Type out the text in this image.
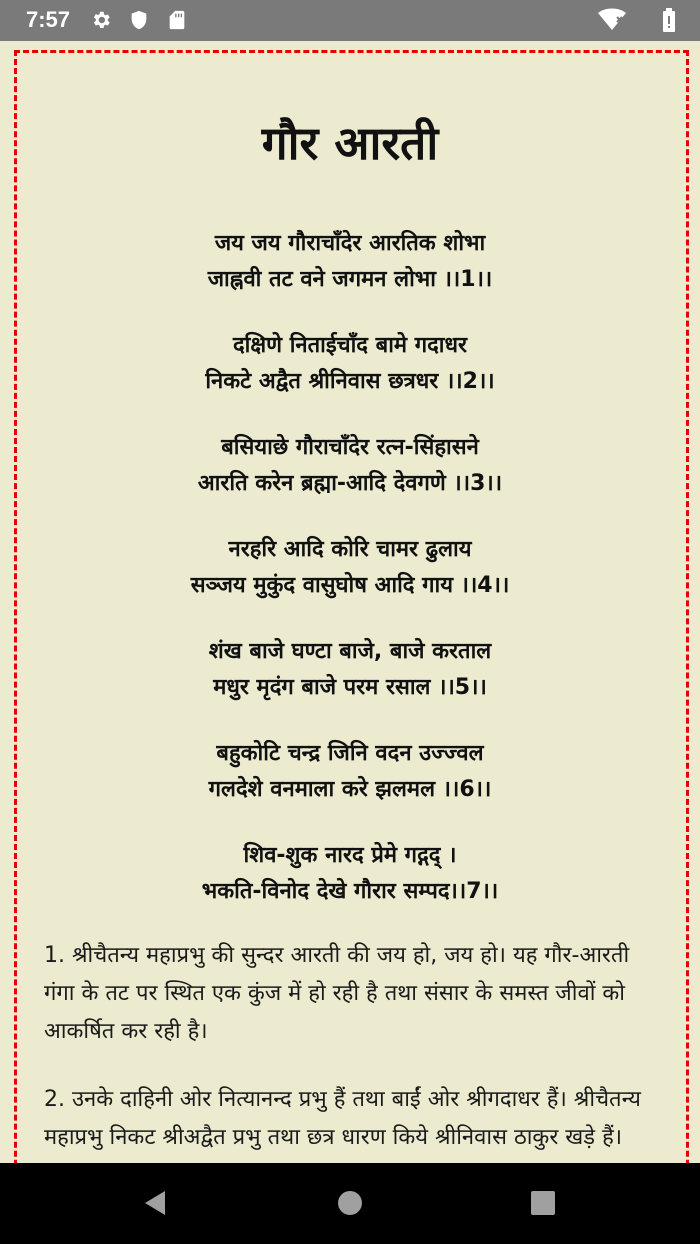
7:57
गौर आरती
जय जय गौराचाँदेर आरतिक शोभा
जाह्नवी तट वने जगमन लोभा ।।1।।
दक्षिणे निताईचाँद बामे गदाधर
निकटे अद्वैत श्रीनिवास छत्रधर ।।2।।
बसियाछे गौराचाँदेर रत्न-सिंहासने
आरति करेन ब्रह्मा-आदि देवगणे ।।3।।
नरहरि आदि कोरि चामर ढुलाय
सञ्जय मुकुंद वासुघोष आदि गाय ।।4।।
शंख बाजे घण्टा बाजे, बाजे करताल
मधुर मृदंग बाजे परम रसाल ।।5।।
बहुकोटि चन्द्र जिनि वदन उज्ज्वल
गलदेशे वनमाला करे झलमल ।।6।।
शिव-शुक नारद प्रेमे गद्गद् ।
भकति-विनोद देखे गौरार सम्पद।।7।।
1. श्रीचैतन्य महाप्रभु की सुन्दर आरती की जय हो, जय हो। यह गौर-आरती गंगा के तट पर स्थित एक कुंज में हो रही है तथा संसार के समस्त जीवों को आकर्षित कर रही है।
2. उनके दाहिनी ओर नित्यानन्द प्रभु हैं तथा बाईं ओर श्रीगदाधर हैं। श्रीचैतन्य महाप्रभु निकट श्रीअद्वैत प्रभु तथा छत्र धारण किये श्रीनिवास ठाकुर खड़े हैं।
